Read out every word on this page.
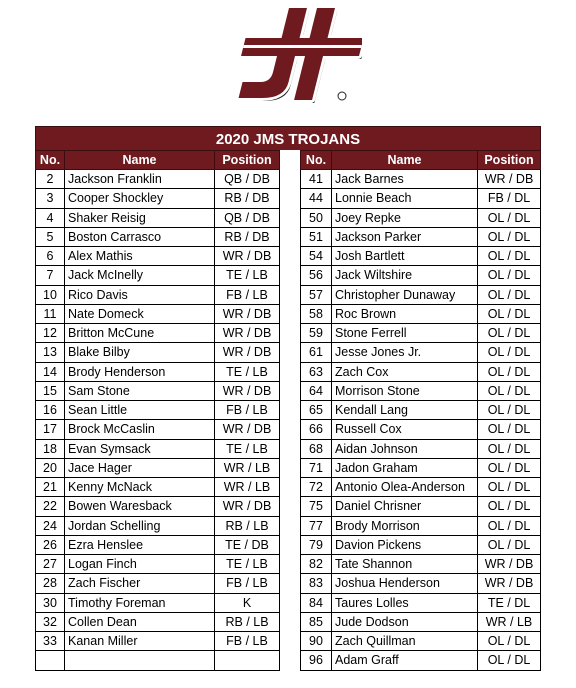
2020 JMS TROJANS
No.	Name	Position
2	Jackson Franklin	QB / DB
3	Cooper Shockley	RB / DB
4	Shaker Reisig	QB / DB
5	Boston Carrasco	RB / DB
6	Alex Mathis	WR / DB
7	Jack McInelly	TE / LB
10	Rico Davis	FB / LB
11	Nate Domeck	WR / DB
12	Britton McCune	WR / DB
13	Blake Bilby	WR / DB
14	Brody Henderson	TE / LB
15	Sam Stone	WR / DB
16	Sean Little	FB / LB
17	Brock McCaslin	WR / DB
18	Evan Symsack	TE / LB
20	Jace Hager	WR / LB
21	Kenny McNack	WR / LB
22	Bowen Waresback	WR / DB
24	Jordan Schelling	RB / LB
26	Ezra Henslee	TE / DB
27	Logan Finch	TE / LB
28	Zach Fischer	FB / LB
30	Timothy Foreman	K
32	Collen Dean	RB / LB
33	Kanan Miller	FB / LB

No.	Name	Position
41	Jack Barnes	WR / DB
44	Lonnie Beach	FB / DL
50	Joey Repke	OL / DL
51	Jackson Parker	OL / DL
54	Josh Bartlett	OL / DL
56	Jack Wiltshire	OL / DL
57	Christopher Dunaway	OL / DL
58	Roc Brown	OL / DL
59	Stone Ferrell	OL / DL
61	Jesse Jones Jr.	OL / DL
63	Zach Cox	OL / DL
64	Morrison Stone	OL / DL
65	Kendall Lang	OL / DL
66	Russell Cox	OL / DL
68	Aidan Johnson	OL / DL
71	Jadon Graham	OL / DL
72	Antonio Olea-Anderson	OL / DL
75	Daniel Chrisner	OL / DL
77	Brody Morrison	OL / DL
79	Davion Pickens	OL / DL
82	Tate Shannon	WR / DB
83	Joshua Henderson	WR / DB
84	Taures Lolles	TE / DL
85	Jude Dodson	WR / LB
90	Zach Quillman	OL / DL
96	Adam Graff	OL / DL
